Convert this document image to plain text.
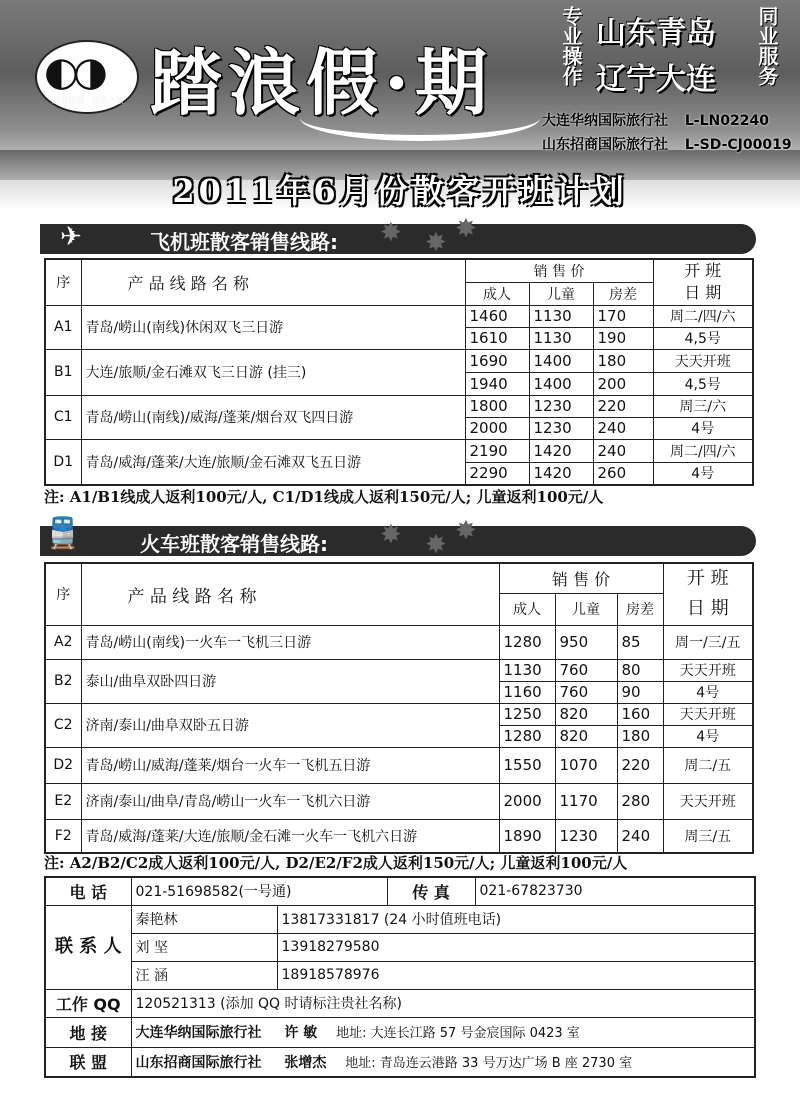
◐◑
踏浪假期 · 品质之旅 踏浪假·期	专业操作 山东青岛
辽宁大连 同业服务
大连华纳国际旅行社 L-LN02240
山东招商国际旅行社 L-SD-CJ00019
2011年6月份散客开班计划
✈	飞机班散客销售线路: ✸ ✸ ✸
序	产 品 线 路 名 称	销 售 价			开 班
日 期
		成人	儿童	房差	
A1	青岛/崂山(南线)休闲双飞三日游	1460	1130	170	周二/四/六
		1610	1130	190	4,5号
B1	大连/旅顺/金石滩双飞三日游 (挂三)	1690	1400	180	天天开班
		1940	1400	200	4,5号
C1	青岛/崂山(南线)/威海/蓬莱/烟台双飞四日游	1800	1230	220	周三/六
		2000	1230	240	4号
D1	青岛/威海/蓬莱/大连/旅顺/金石滩双飞五日游	2190	1420	240	周二/四/六
		2290	1420	260	4号
注: A1/B1线成人返利100元/人, C1/D1线成人返利150元/人; 儿童返利100元/人
🚆	火车班散客销售线路: ✸ ✸ ✸
序	产 品 线 路 名 称	销 售 价			开 班
日 期
		成人	儿童	房差	
A2	青岛/崂山(南线)一火车一飞机三日游	1280	950	85	周一/三/五
B2	泰山/曲阜双卧四日游	1130	760	80	天天开班
		1160	760	90	4号
C2	济南/泰山/曲阜双卧五日游	1250	820	160	天天开班
		1280	820	180	4号
D2	青岛/崂山/威海/蓬莱/烟台一火车一飞机五日游	1550	1070	220	周二/五
E2	济南/泰山/曲阜/青岛/崂山一火车一飞机六日游	2000	1170	280	天天开班
F2	青岛/威海/蓬莱/大连/旅顺/金石滩一火车一飞机六日游	1890	1230	240	周三/五
注: A2/B2/C2成人返利100元/人, D2/E2/F2成人返利150元/人; 儿童返利100元/人
电 话	021-51698582(一号通)		传 真	021-67823730
联 系 人	秦艳林	13817331817 (24 小时值班电话)		
	刘 坚	13918279580		
	汪 涵	18918578976		
工作 QQ	120521313 (添加 QQ 时请标注贵社名称)			
地 接	大连华纳国际旅行社 许 敏 地址: 大连长江路 57 号金宸国际 0423 室			
联 盟	山东招商国际旅行社 张增杰 地址: 青岛连云港路 33 号万达广场 B 座 2730 室			
